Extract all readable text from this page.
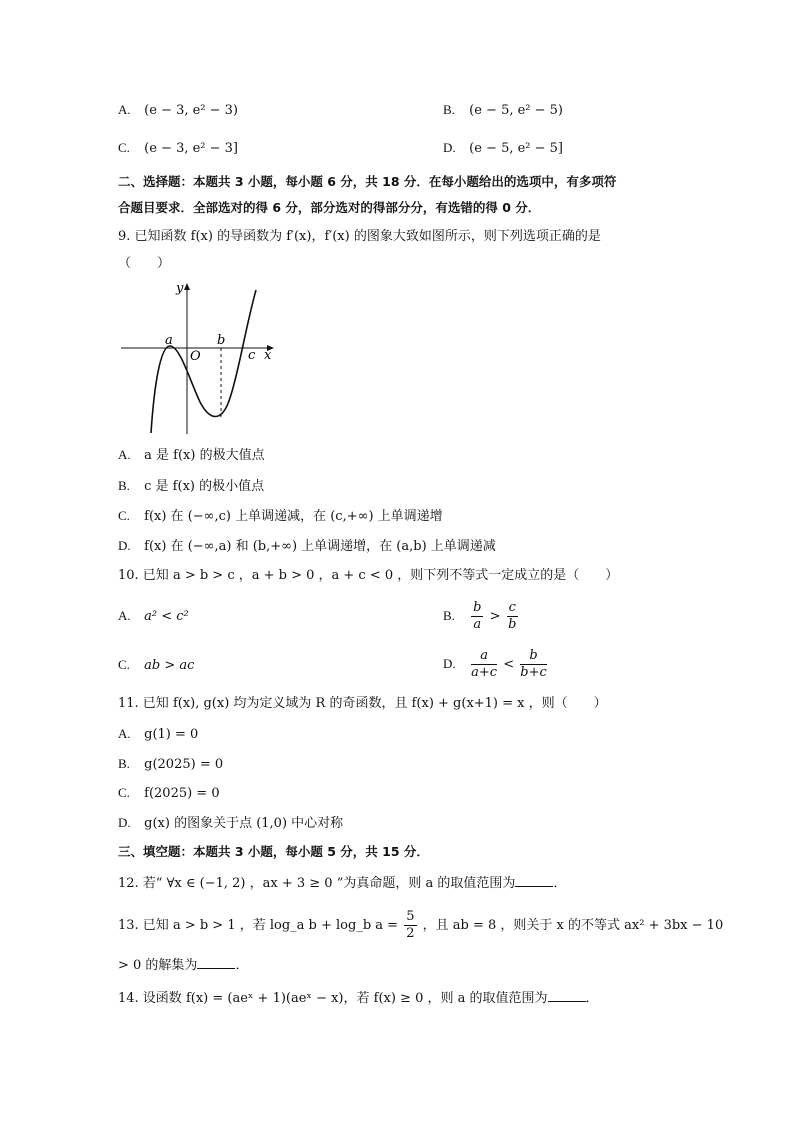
A. (e − 3, e² − 3)	B. (e − 5, e² − 5)
C. (e − 3, e² − 3]	D. (e − 5, e² − 5]
二、选择题：本题共 3 小题，每小题 6 分，共 18 分．在每小题给出的选项中，有多项符
合题目要求．全部选对的得 6 分，部分选对的得部分分，有选错的得 0 分．
9. 已知函数 f(x) 的导函数为 f′(x)，f′(x) 的图象大致如图所示，则下列选项正确的是
（　　）
y
x
a
O
b
c
A. a 是 f(x) 的极大值点
B. c 是 f(x) 的极小值点
C. f(x) 在 (−∞,c) 上单调递减，在 (c,+∞) 上单调递增
D. f(x) 在 (−∞,a) 和 (b,+∞) 上单调递增，在 (a,b) 上单调递减
10. 已知 a > b > c ，a + b > 0 ，a + c < 0 ，则下列不等式一定成立的是（　　）
A. a² < c²	B. $\frac{b}{a} > \frac{c}{b}$
C. ab > ac	D. $\frac{a}{a+c} < \frac{b}{b+c}$
11. 已知 f(x), g(x) 均为定义域为 R 的奇函数，且 f(x) + g(x+1) = x ，则（　　）
A. g(1) = 0
B. g(2025) = 0
C. f(2025) = 0
D. g(x) 的图象关于点 (1,0) 中心对称
三、填空题：本题共 3 小题，每小题 5 分，共 15 分．
12. 若“ ∀x ∈ (−1, 2) ，ax + 3 ≥ 0 ”为真命题，则 a 的取值范围为	．
13. 已知 a > b > 1 ，若 log_a b + log_b $a = \frac{5}{2}$ ，且 ab = 8 ，则关于 x 的不等式 ax² + 3bx − 10
> 0 的解集为	．
14. 设函数 f(x) = (aeˣ + 1)(aeˣ − x)，若 f(x) ≥ 0 ，则 a 的取值范围为	．
